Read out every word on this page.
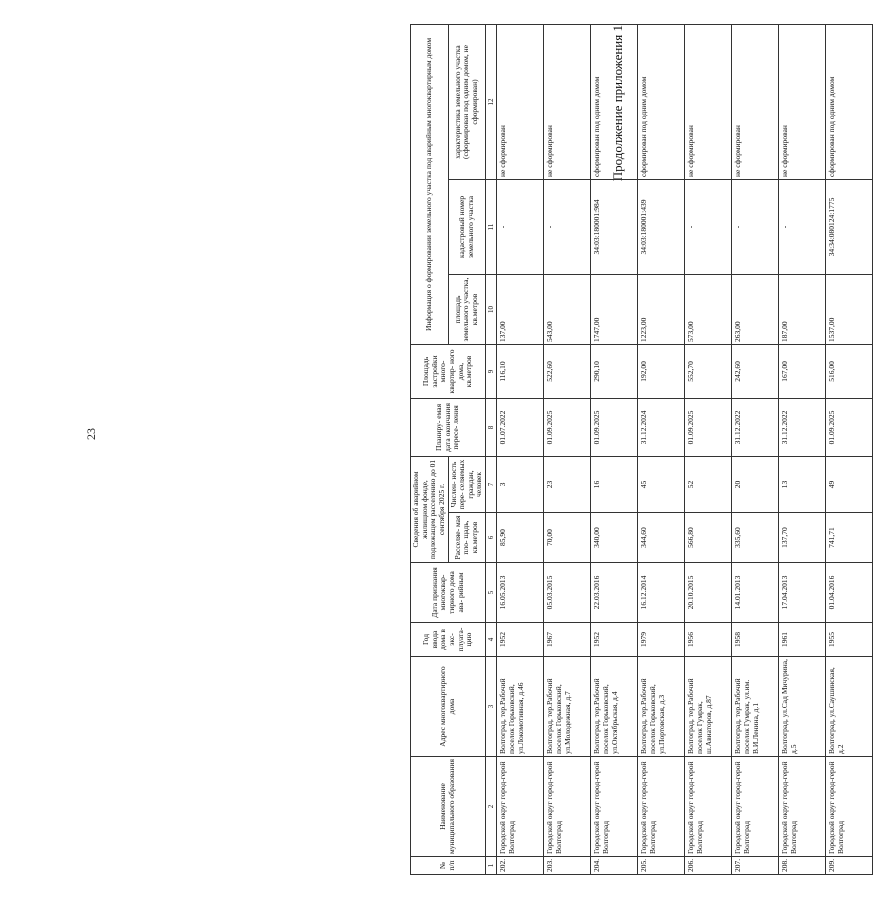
23
Продолжение приложения 1
№ п/п	Наименование муниципального образования	Адрес многоквартирного дома	Год ввода дома в экс- плуата- цию	Дата признания многоквар- тирного дома ава- рийным	Сведения об аварийном жилищном фонде, подлежащем расселению до 01 сентября 2025 г.		Планиру- емая дата окончания пересе- ления	Площадь застройки много- квартир- ного дома, кв.метров	Информация о формировании земельного участка под аварийным многоквартирным домом		
					Расселяе- мая пло- щадь, кв.метров	Числен- ность пере- селяемых граждан, человек			площадь земельного участка, кв.метров	кадастровый номер земельного участка	характеристика земельного участка (сформирован под одним домом, не сформирован)
1	2	3	4	5	6	7	8	9	10	11	12
202.	Городской округ город-герой Волгоград	Волгоград, тер.Рабочий поселок Горьковский, ул.Локомотивная, д.46	1952	16.05.2013	85,90	3	01.07.2022	116,10	137,00	-	не сформирован
203.	Городской округ город-герой Волгоград	Волгоград, тер.Рабочий поселок Горьковский, ул.Молодежная, д.7	1967	05.03.2015	70,00	23	01.09.2025	522,60	543,00	-	не сформирован
204.	Городской округ город-герой Волгоград	Волгоград, тер.Рабочий поселок Горьковский, ул.Октябрьская, д.4	1952	22.03.2016	340,00	16	01.09.2025	290,10	1747,00	34:03:180001:984	сформирован под одним домом
205.	Городской округ город-герой Волгоград	Волгоград, тер.Рабочий поселок Горьковский, ул.Портовская, д.3	1979	16.12.2014	344,60	45	31.12.2024	192,00	1223,00	34:03:180001:439	сформирован под одним домом
206.	Городской округ город-герой Волгоград	Волгоград, тер.Рабочий поселок Гумрак, ш.Авиаторов, д.87	1956	20.10.2015	566,80	52	01.09.2025	552,70	573,00	-	не сформирован
207.	Городской округ город-герой Волгоград	Волгоград, тер.Рабочий поселок Гумрак, ул.им. В.И.Ленина, д.1	1958	14.01.2013	335,60	20	31.12.2022	242,60	263,00	-	не сформирован
208.	Городской округ город-герой Волгоград	Волгоград, ул.Сад Мичурина, д.5	1961	17.04.2013	137,70	13	31.12.2022	167,00	187,00	-	не сформирован
209.	Городской округ город-герой Волгоград	Волгоград, ул.Саушинская, д.2	1955	01.04.2016	741,71	49	01.09.2025	516,00	1537,00	34:34:080124:1775	сформирован под одним домом
